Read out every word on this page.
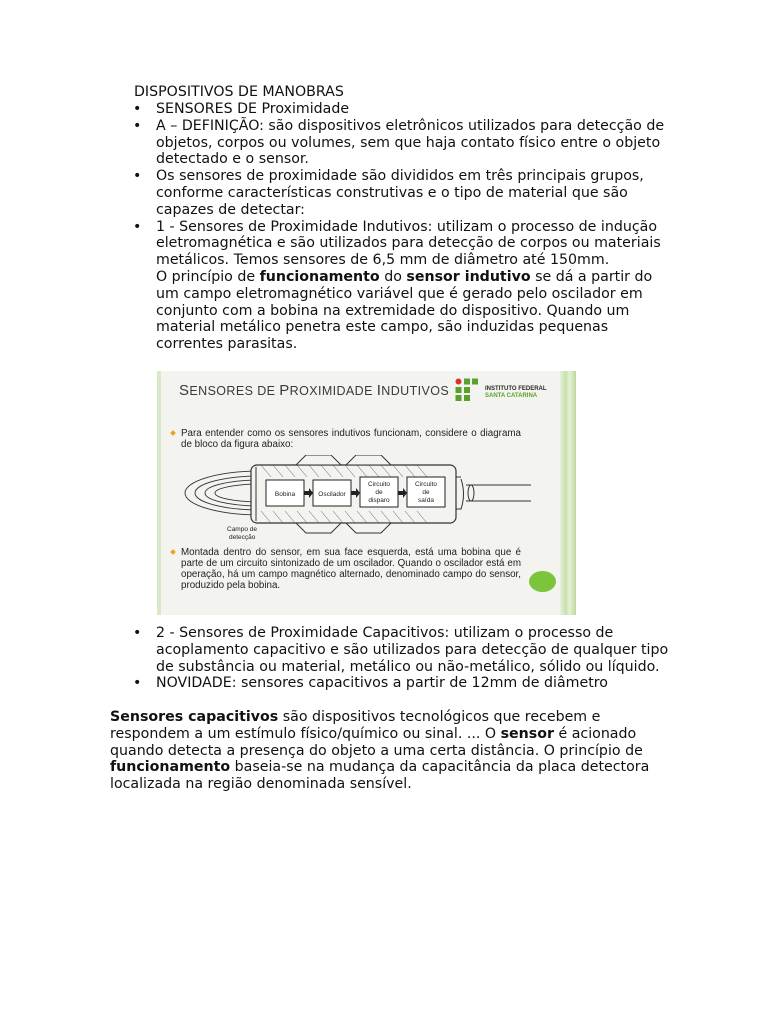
DISPOSITIVOS DE MANOBRAS
• SENSORES DE Proximidade
• A – DEFINIÇÃO: são dispositivos eletrônicos utilizados para detecção de objetos, corpos ou volumes, sem que haja contato físico entre o objeto detectado e o sensor.
• Os sensores de proximidade são divididos em três principais grupos, conforme características construtivas e o tipo de material que são capazes de detectar:
• 1 - Sensores de Proximidade Indutivos: utilizam o processo de indução eletromagnética e são utilizados para detecção de corpos ou materiais metálicos. Temos sensores de 6,5 mm de diâmetro até 150mm.
O princípio de funcionamento do sensor indutivo se dá a partir do um campo eletromagnético variável que é gerado pelo oscilador em conjunto com a bobina na extremidade do dispositivo. Quando um material metálico penetra este campo, são induzidas pequenas correntes parasitas.
SENSORES DE PROXIMIDADE INDUTIVOS	INSTITUTO FEDERAL
SANTA CATARINA
Para entender como os sensores indutivos funcionam, considere o diagrama de bloco da figura abaixo:
Bobina	Oscilador
Circuito
de
disparo
Circuito
de
saída
Campo de
detecção
Montada dentro do sensor, em sua face esquerda, está uma bobina que é parte de um circuito sintonizado de um oscilador. Quando o oscilador está em operação, há um campo magnético alternado, denominado campo do sensor, produzido pela bobina.
• 2 - Sensores de Proximidade Capacitivos: utilizam o processo de acoplamento capacitivo e são utilizados para detecção de qualquer tipo de substância ou material, metálico ou não-metálico, sólido ou líquido.
• NOVIDADE: sensores capacitivos a partir de 12mm de diâmetro
Sensores capacitivos são dispositivos tecnológicos que recebem e respondem a um estímulo físico/químico ou sinal. ... O sensor é acionado quando detecta a presença do objeto a uma certa distância. O princípio de funcionamento baseia-se na mudança da capacitância da placa detectora localizada na região denominada sensível.
